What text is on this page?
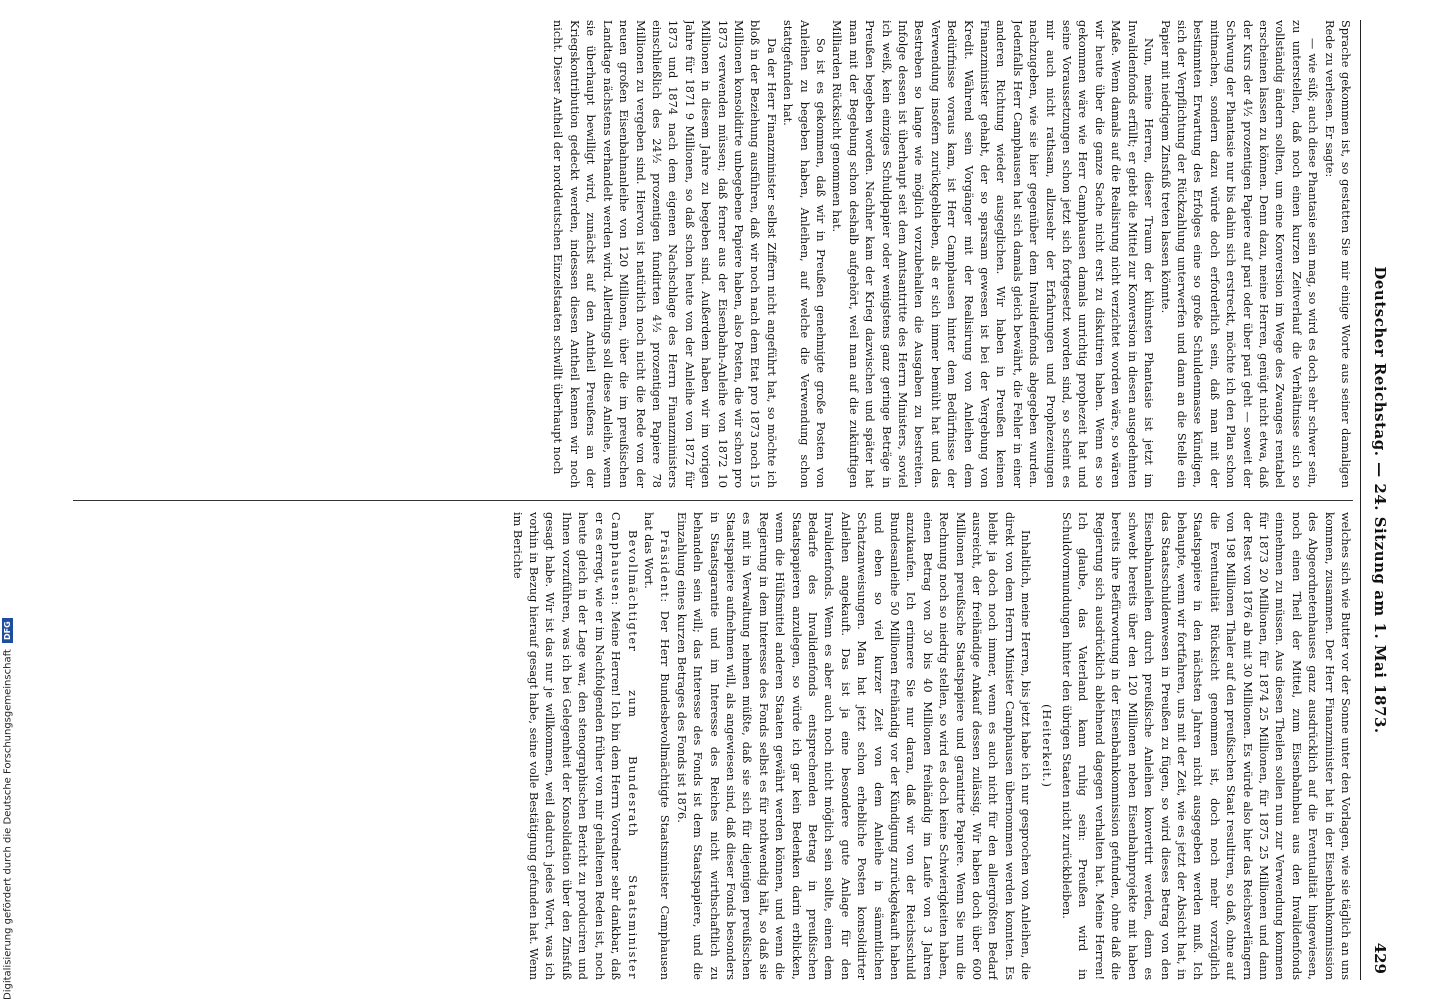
Deutscher Reichstag. — 24. Sitzung am 1. Mai 1873.
429

Sprache gekommen ist, so gestatten Sie mir einige Worte aus seiner damaligen Rede zu verlesen. Er sagte:

— wie süß; auch diese Phantasie sein mag, so wird es doch sehr schwer sein, zu unterstellen, daß noch einen kurzen Zeitverlauf die Verhältnisse sich so vollständig ändern sollten, um eine Konversion im Wege des Zwanges rentabel erscheinen lassen zu können. Denn dazu, meine Herren, genügt nicht etwa, daß der Kurs der 4½ prozentigen Papiere auf pari oder über pari geht — soweit der Schwung der Phantasie nur bis dahin sich erstreckt, möchte ich den Plan schon mitmachen, sondern dazu würde doch erforderlich sein, daß man mit der bestimmten Erwartung des Erfolges eine so große Schuldenmasse kündigen, sich der Verpflichtung der Rückzahlung unterwerfen und dann an die Stelle ein Papier mit niedrigem Zinsfuß treten lassen könnte.

Nun, meine Herren, dieser Traum der kühnsten Phantasie ist jetzt im Invalidenfonds erfüllt; er giebt die Mittel zur Konversion in diesen ausgedehnten Maße. Wenn damals auf die Realisirung nicht verzichtet worden wäre, so wären wir heute über die ganze Sache nicht erst zu diskutiren haben. Wenn es so gekommen wäre wie Herr Camphausen damals unrichtig prophezeit hat und seine Voraussetzungen schon jetzt sich fortgesetzt worden sind, so scheint es mir auch nicht rathsam, allzusehr der Erfahrungen und Prophezeiungen nachzugeben, wie sie hier gegenüber dem Invalidenfonds abgegeben wurden. Jedenfalls Herr Camphausen hat sich damals gleich bewährt, die Fehler in einer anderen Richtung wieder ausgeglichen. Wir haben in Preußen keinen Finanzminister gehabt, der so sparsam gewesen ist bei der Vergebung von Kredit. Während sein Vorgänger mit der Realisirung von Anleihen dem Bedürfnisse voraus kam, ist Herr Camphausen hinter dem Bedürfnisse der Verwendung insofern zurückgeblieben, als er sich immer bemüht hat und das Bestreben so lange wie möglich vorzubehalten die Ausgaben zu bestreiten. Infolge dessen ist überhaupt seit dem Amtsantritte des Herrn Ministers, soviel ich weiß, kein einziges Schuldpapier oder wenigstens ganz geringe Beträge in Preußen begeben worden. Nachher kam der Krieg dazwischen und später hat man mit der Begebung schon deshalb aufgehört, weil man auf die zukünftigen Milliarden Rücksicht genommen hat.

So ist es gekommen, daß wir in Preußen genehmigte große Posten von Anleihen zu begeben haben, Anleihen, auf welche die Verwendung schon stattgefunden hat.

Da der Herr Finanzminister selbst Ziffern nicht angeführt hat, so möchte ich bloß in der Beziehung ausführen, daß wir noch nach dem Etat pro 1873 noch 15 Millionen konsolidirte unbegebene Papiere haben, also Posten, die wir schon pro 1873 verwenden müssen; daß ferner aus der Eisenbahn-Anleihe von 1872 10 Millionen in diesem Jahre zu begeben sind. Außerdem haben wir im vorigen Jahre für 1871 9 Millionen, so daß schon heute von der Anleihe von 1872 für 1873 und 1874 nach dem eigenen Nachschlage des Herrn Finanzministers einschließlich des 24½ prozentigen fundirten 4½ prozentigen Papiere 78 Millionen zu vergeben sind. Hiervon ist natürlich noch nicht die Rede von der neuen großen Eisenbahnanleihe von 120 Millionen, über die im preußischen Landtage nächstens verhandelt werden wird. Allerdings soll diese Anleihe, wenn sie überhaupt bewilligt wird, zunächst auf den Antheil Preußens an der Kriegskontribution gedeckt werden, indessen diesen Antheil kennen wir noch nicht. Dieser Antheil der norddeutschen Einzelstaaten schwillt überhaupt noch

welches sich wie Butter vor der Sonne unter den Vorlagen, wie sie täglich an uns kommen, zusammen. Der Herr Finanzminister hat in der Eisenbahnkommission des Abgeordnetenhauses ganz ausdrücklich auf die Eventualität hingewiesen, noch einen Theil der Mittel, zum Eisenbahnbau aus den Invalidenfonds einnehmen zu müssen. Aus diesen Theilen sollen nun zur Verwendung kommen für 1873 20 Millionen, für 1874 25 Millionen, für 1875 25 Millionen und dann der Rest von 1876 ab mit 30 Millionen. Es würde also hier das Reichsverlängern von 198 Millionen Thaler auf den preußischen Staat resultiren, so daß, ohne auf die Eventualität Rücksicht genommen ist, doch noch mehr vorzüglich Staatspapiere in den nächsten Jahren nicht ausgegeben werden muß. Ich behaupte, wenn wir fortfahren, uns mit der Zeit, wie es jetzt der Absicht hat, in das Staatsschuldenwesen in Preußen zu fügen, so wird dieses Betrag von den Eisenbahnanleihen durch preußische Anleihen konvertirt werden, denn es schwebt bereits über den 120 Millionen neben Eisenbahnprojekte mit haben bereits ihre Befürwortung in der Eisenbahnkommission gefunden, ohne daß die Regierung sich ausdrücklich ablehnend dagegen verhalten hat. Meine Herren! Ich glaube, das Vaterland kann ruhig sein: Preußen wird in Schuldvormundungen hinter den übrigen Staaten nicht zurückbleiben.

(Heiterkeit.)

Inhaltlich, meine Herren, bis jetzt habe ich nur gesprochen von Anleihen, die direkt von dem Herrn Minister Camphausen übernommen werden konnten. Es bleibt ja doch noch immer, wenn es auch nicht für den allergrößten Bedarf ausreicht, der freihändige Ankauf dessen zulässig. Wir haben doch über 600 Millionen preußische Staatspapiere und garantirte Papiere. Wenn Sie nun die Rechnung noch so niedrig stellen, so wird es doch keine Schwierigkeiten haben, einen Betrag von 30 bis 40 Millionen freihändig im Laufe von 3 Jahren anzukaufen. Ich erinnere Sie nur daran, daß wir von der Reichsschuld Bundesanleihe 50 Millionen freihändig vor der Kündigung zurückgekauft haben und eben so viel kurzer Zeit von dem Anleihe in sämmtlichen Schatzanweisungen. Man hat jetzt schon erhebliche Posten konsolidirter Anleihen angekauft. Das ist ja eine besondere gute Anlage für den Invalidenfonds. Wenn es aber auch noch nicht möglich sein sollte, einen dem Bedarfe des Invalidenfonds entsprechenden Betrag in preußischen Staatspapieren anzulegen, so würde ich gar kein Bedenken darin erblicken, wenn die Hülfsmittel anderen Staaten gewährt werden können, und wenn die Regierung in dem Interesse des Fonds selbst es für nothwendig hält, so daß sie es mit in Verwaltung nehmen müßte, daß sie sich für diejenigen preußischen Staatspapiere aufnehmen will, als angewiesen sind, daß dieser Fonds besonders in Staatsgarantie und im Interesse des Reiches nicht wirthschaftlich zu behandeln sein will; das Interesse des Fonds ist dem Staatspapiere, und die Einzahlung eines kurzen Betrages des Fonds ist 1876.

Präsident: Der Herr Bundesbevollmächtigte Staatsminister Camphausen hat das Wort.

Bevollmächtigter zum Bundesrath Staatsminister Camphausen: Meine Herren! Ich bin dem Herrn Vorredner sehr dankbar, daß er es erregt, wie er im Nachfolgenden früher von mir gehaltenen Reden ist, noch heute gleich in der Lage war, den stenographischen Bericht zu produciren und Ihnen vorzuführen, was ich bei Gelegenheit der Konsolidation über den Zinsfuß gesagt habe. Wir ist das nur je willkommen, weil dadurch jedes Wort, was ich vorhin in Bezug hierauf gesagt habe, seine volle Bestätigung gefunden hat. Wenn im Berichte

Digitalisierung gefördert durch die Deutsche Forschungsgemeinschaft DFG
